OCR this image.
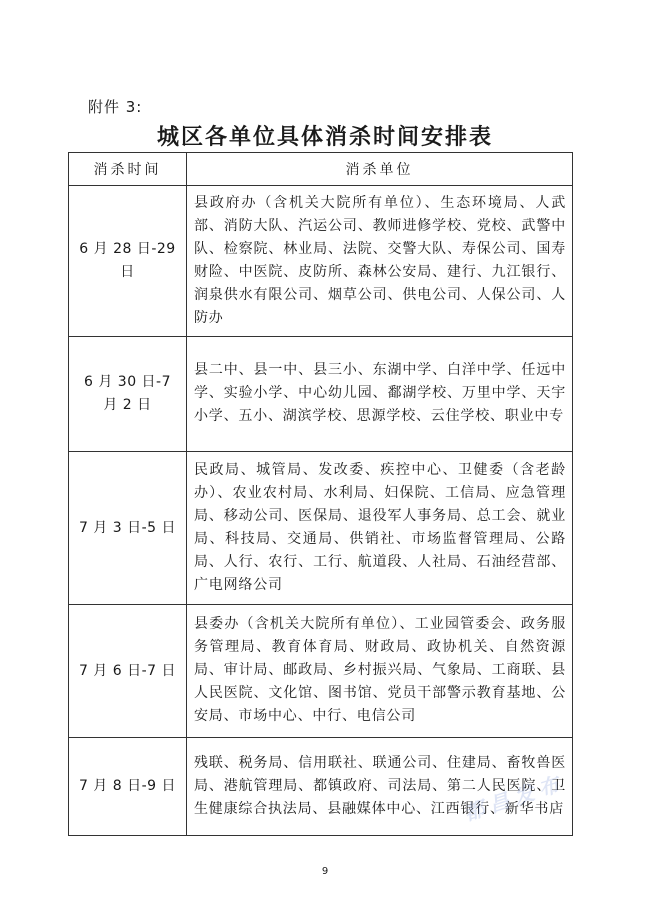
附件 3:
城区各单位具体消杀时间安排表
消杀时间	消杀单位
6 月 28 日-29 日	县政府办（含机关大院所有单位）、生态环境局、人武部、消防大队、汽运公司、教师进修学校、党校、武警中队、检察院、林业局、法院、交警大队、寿保公司、国寿财险、中医院、皮防所、森林公安局、建行、九江银行、润泉供水有限公司、烟草公司、供电公司、人保公司、人防办
6 月 30 日-7 月 2 日	县二中、县一中、县三小、东湖中学、白洋中学、任远中学、实验小学、中心幼儿园、鄱湖学校、万里中学、天宇小学、五小、湖滨学校、思源学校、云住学校、职业中专
7 月 3 日-5 日	民政局、城管局、发改委、疾控中心、卫健委（含老龄办）、农业农村局、水利局、妇保院、工信局、应急管理局、移动公司、医保局、退役军人事务局、总工会、就业局、科技局、交通局、供销社、市场监督管理局、公路局、人行、农行、工行、航道段、人社局、石油经营部、广电网络公司
7 月 6 日-7 日	县委办（含机关大院所有单位）、工业园管委会、政务服务管理局、教育体育局、财政局、政协机关、自然资源局、审计局、邮政局、乡村振兴局、气象局、工商联、县人民医院、文化馆、图书馆、党员干部警示教育基地、公安局、市场中心、中行、电信公司
7 月 8 日-9 日	残联、税务局、信用联社、联通公司、住建局、畜牧兽医局、港航管理局、都镇政府、司法局、第二人民医院、卫生健康综合执法局、县融媒体中心、江西银行、新华书店
都昌发布
9
